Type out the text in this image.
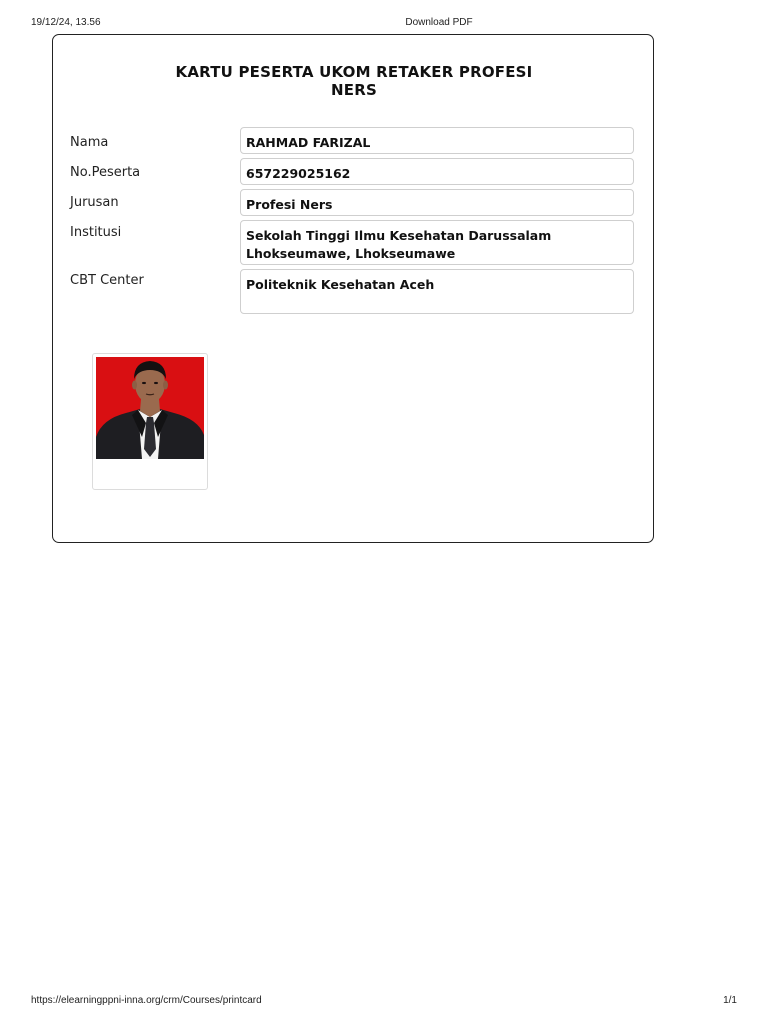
19/12/24, 13.56	Download PDF
KARTU PESERTA UKOM RETAKER PROFESI
NERS
Nama	RAHMAD FARIZAL
No.Peserta	657229025162
Jurusan	Profesi Ners
Institusi	Sekolah Tinggi Ilmu Kesehatan Darussalam
Lhokseumawe, Lhokseumawe
CBT Center	Politeknik Kesehatan Aceh
https://elearningppni-inna.org/crm/Courses/printcard	1/1
